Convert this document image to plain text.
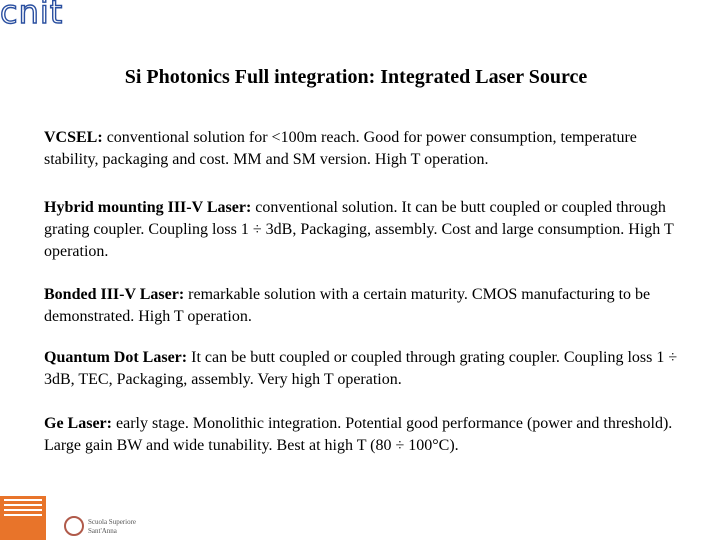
cnit
Si Photonics Full integration: Integrated Laser Source
VCSEL: conventional solution for <100m reach. Good for power consumption, temperature stability, packaging and cost. MM and SM version. High T operation.
Hybrid mounting III-V Laser: conventional solution. It can be butt coupled or coupled through grating coupler. Coupling loss 1 ÷ 3dB, Packaging, assembly. Cost and large consumption. High T operation.
Bonded III-V Laser: remarkable solution with a certain maturity. CMOS manufacturing to be demonstrated. High T operation.
Quantum Dot Laser: It can be butt coupled or coupled through grating coupler. Coupling loss 1 ÷ 3dB, TEC, Packaging, assembly. Very high T operation.
Ge Laser: early stage. Monolithic integration. Potential good performance (power and threshold). Large gain BW and wide tunability. Best at high T (80 ÷ 100°C).
Scuola Superiore
Sant'Anna
